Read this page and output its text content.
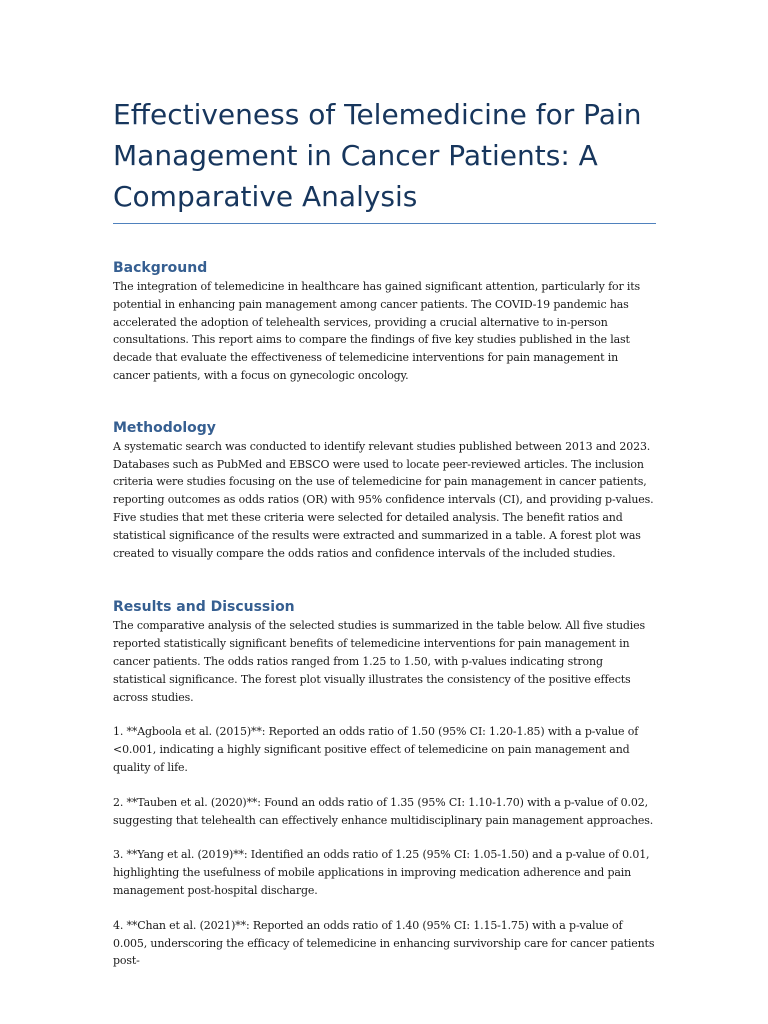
Effectiveness of Telemedicine for Pain Management in Cancer Patients: A Comparative Analysis
Background

The integration of telemedicine in healthcare has gained significant attention, particularly for its potential in enhancing pain management among cancer patients. The COVID-19 pandemic has accelerated the adoption of telehealth services, providing a crucial alternative to in-person consultations. This report aims to compare the findings of five key studies published in the last decade that evaluate the effectiveness of telemedicine interventions for pain management in cancer patients, with a focus on gynecologic oncology.

Methodology

A systematic search was conducted to identify relevant studies published between 2013 and 2023. Databases such as PubMed and EBSCO were used to locate peer-reviewed articles. The inclusion criteria were studies focusing on the use of telemedicine for pain management in cancer patients, reporting outcomes as odds ratios (OR) with 95% confidence intervals (CI), and providing p-values. Five studies that met these criteria were selected for detailed analysis. The benefit ratios and statistical significance of the results were extracted and summarized in a table. A forest plot was created to visually compare the odds ratios and confidence intervals of the included studies.

Results and Discussion

The comparative analysis of the selected studies is summarized in the table below. All five studies reported statistically significant benefits of telemedicine interventions for pain management in cancer patients. The odds ratios ranged from 1.25 to 1.50, with p-values indicating strong statistical significance. The forest plot visually illustrates the consistency of the positive effects across studies.

1. **Agboola et al. (2015)**: Reported an odds ratio of 1.50 (95% CI: 1.20-1.85) with a p-value of <0.001, indicating a highly significant positive effect of telemedicine on pain management and quality of life.

2. **Tauben et al. (2020)**: Found an odds ratio of 1.35 (95% CI: 1.10-1.70) with a p-value of 0.02, suggesting that telehealth can effectively enhance multidisciplinary pain management approaches.

3. **Yang et al. (2019)**: Identified an odds ratio of 1.25 (95% CI: 1.05-1.50) and a p-value of 0.01, highlighting the usefulness of mobile applications in improving medication adherence and pain management post-hospital discharge.

4. **Chan et al. (2021)**: Reported an odds ratio of 1.40 (95% CI: 1.15-1.75) with a p-value of 0.005, underscoring the efficacy of telemedicine in enhancing survivorship care for cancer patients post-
